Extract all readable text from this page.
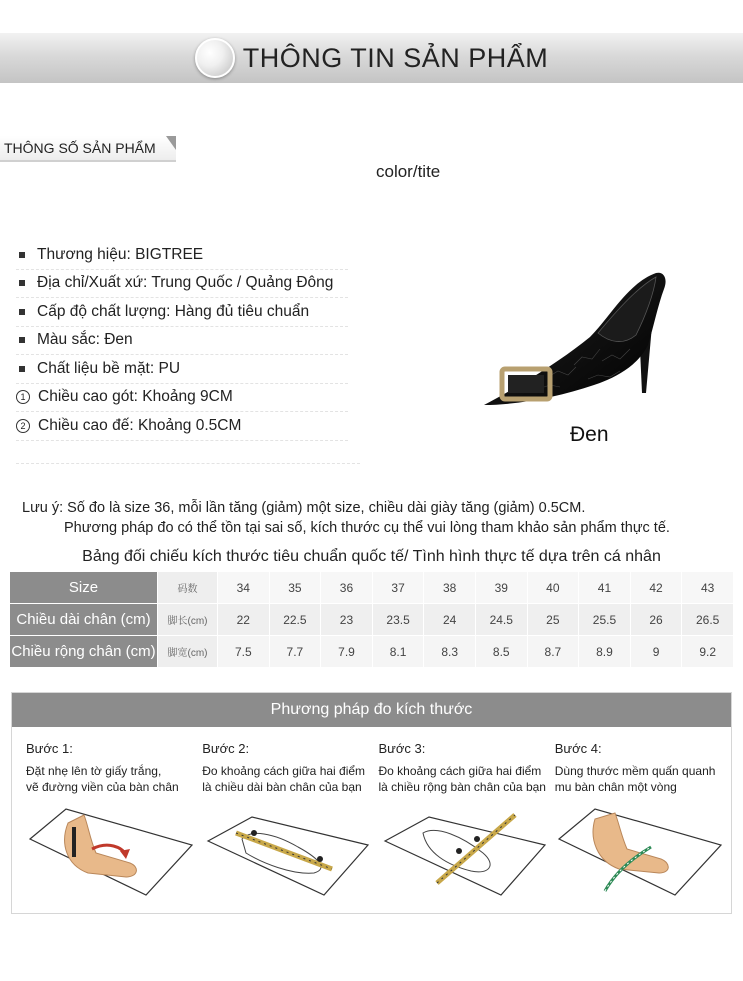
THÔNG TIN SẢN PHẨM
THÔNG SỐ SẢN PHẨM
color/tite
Thương hiệu: BIGTREE
Địa chỉ/Xuất xứ: Trung Quốc / Quảng Đông
Cấp độ chất lượng: Hàng đủ tiêu chuẩn
Màu sắc: Đen
Chất liệu bề mặt: PU
1 Chiều cao gót: Khoảng 9CM
2 Chiều cao đế: Khoảng 0.5CM	Đen
Lưu ý: Số đo là size 36, mỗi lần tăng (giảm) một size, chiều dài giày tăng (giảm) 0.5CM.
Phương pháp đo có thể tồn tại sai số, kích thước cụ thể vui lòng tham khảo sản phẩm thực tế.
Bảng đối chiếu kích thước tiêu chuẩn quốc tế/ Tình hình thực tế dựa trên cá nhân
Size	码数	34	35	36	37	38	39	40	41	42	43
Chiều dài chân (cm)	脚长(cm)	22	22.5	23	23.5	24	24.5	25	25.5	26	26.5
Chiều rộng chân (cm)	脚宽(cm)	7.5	7.7	7.9	8.1	8.3	8.5	8.7	8.9	9	9.2
Phương pháp đo kích thước
Bước 1:
Đặt nhẹ lên tờ giấy trắng,
vẽ đường viền của bàn chân
Bước 2:
Đo khoảng cách giữa hai điểm
là chiều dài bàn chân của bạn
Bước 3:
Đo khoảng cách giữa hai điểm
là chiều rộng bàn chân của bạn
Bước 4:
Dùng thước mềm quấn quanh
mu bàn chân một vòng
